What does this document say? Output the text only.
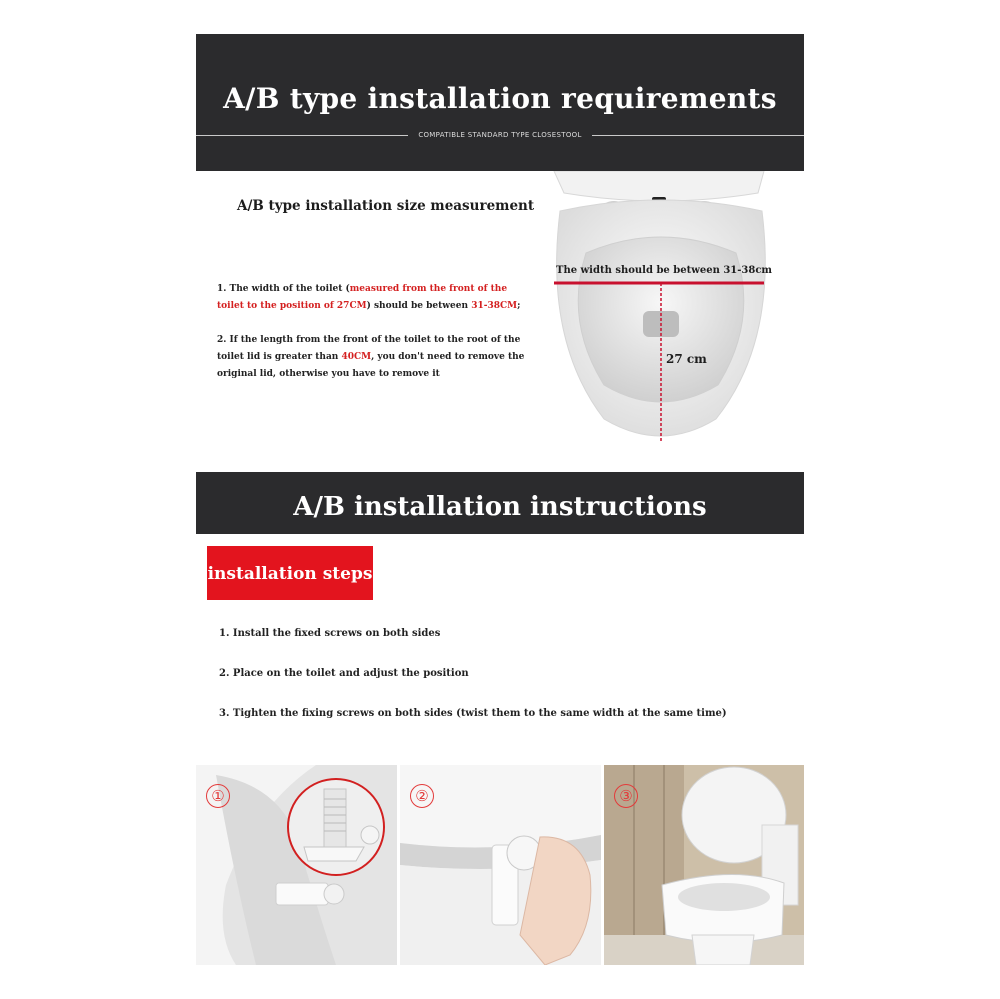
A/B type installation requirements
COMPATIBLE STANDARD TYPE CLOSESTOOL
A/B type installation size measurement
1. The width of the toilet (measured from the front of the toilet to the position of 27CM) should be between 31-38CM;
2. If the length from the front of the toilet to the root of the toilet lid is greater than 40CM, you don't need to remove the original lid, otherwise you have to remove it
The width should be between 31-38cm
27 cm
A/B installation instructions
installation steps
1. Install the fixed screws on both sides
2. Place on the toilet and adjust the position
3. Tighten the fixing screws on both sides (twist them to the same width at the same time)
①	②	③
